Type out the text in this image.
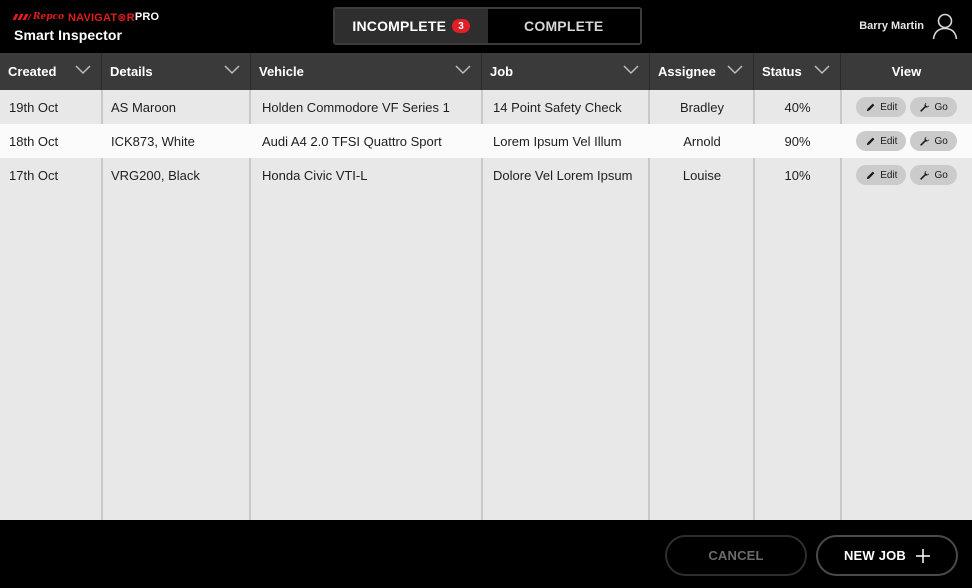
Repco NAVIGAT⊗R PRO
Smart Inspector
INCOMPLETE	3	COMPLETE	Barry Martin
Created	Details	Vehicle	Job	Assignee	Status	View
19th Oct	AS Maroon	Holden Commodore VF Series 1	14 Point Safety Check	Bradley	40%	Edit	Go
18th Oct	ICK873, White	Audi A4 2.0 TFSI Quattro Sport	Lorem Ipsum Vel Illum	Arnold	90%	Edit	Go
17th Oct	VRG200, Black	Honda Civic VTI-L	Dolore Vel Lorem Ipsum	Louise	10%	Edit	Go
CANCEL	NEW JOB
